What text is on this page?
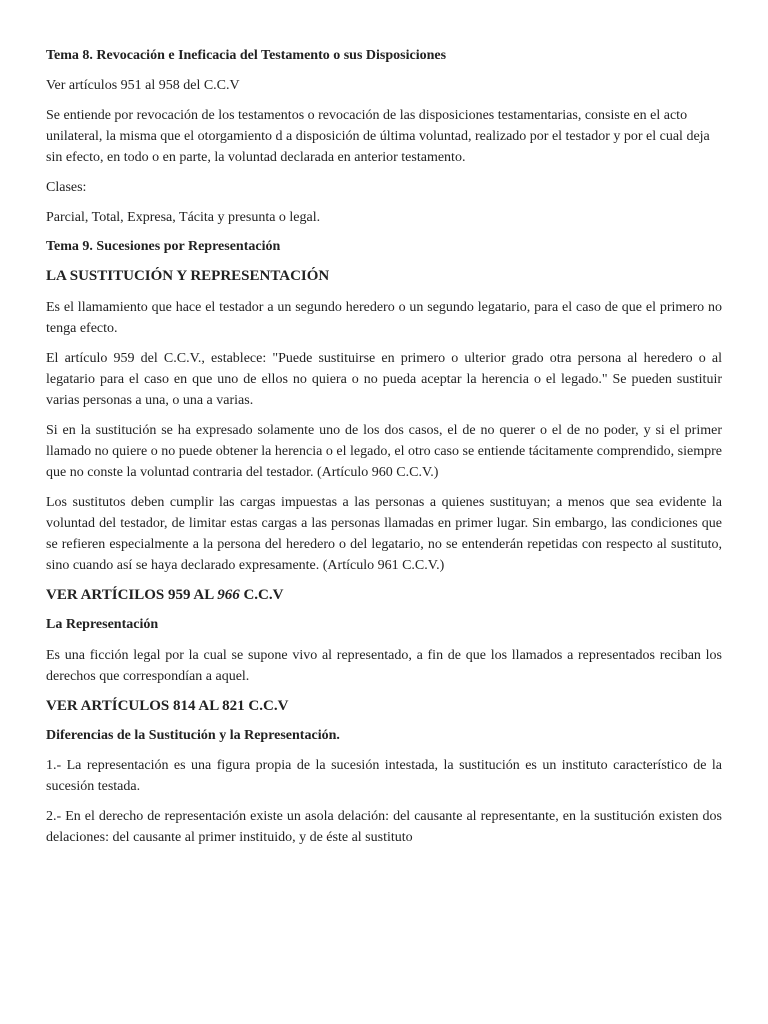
Tema 8. Revocación e Ineficacia del Testamento o sus Disposiciones

Ver artículos 951 al 958 del C.C.V

Se entiende por revocación de los testamentos o revocación de las disposiciones testamentarias, consiste en el acto unilateral, la misma que el otorgamiento d a disposición de última voluntad, realizado por el testador y por el cual deja sin efecto, en todo o en parte, la voluntad declarada en anterior testamento.

Clases:

Parcial, Total, Expresa, Tácita y presunta o legal.

Tema 9. Sucesiones por Representación

LA SUSTITUCIÓN Y REPRESENTACIÓN

Es el llamamiento que hace el testador a un segundo heredero o un segundo legatario, para el caso de que el primero no tenga efecto.

El artículo 959 del C.C.V., establece: "Puede sustituirse en primero o ulterior grado otra persona al heredero o al legatario para el caso en que uno de ellos no quiera o no pueda aceptar la herencia o el legado." Se pueden sustituir varias personas a una, o una a varias.

Si en la sustitución se ha expresado solamente uno de los dos casos, el de no querer o el de no poder, y si el primer llamado no quiere o no puede obtener la herencia o el legado, el otro caso se entiende tácitamente comprendido, siempre que no conste la voluntad contraria del testador. (Artículo 960 C.C.V.)

Los sustitutos deben cumplir las cargas impuestas a las personas a quienes sustituyan; a menos que sea evidente la voluntad del testador, de limitar estas cargas a las personas llamadas en primer lugar. Sin embargo, las condiciones que se refieren especialmente a la persona del heredero o del legatario, no se entenderán repetidas con respecto al sustituto, sino cuando así se haya declarado expresamente. (Artículo 961 C.C.V.)

VER ARTÍCILOS 959 AL 966 C.C.V

La Representación

Es una ficción legal por la cual se supone vivo al representado, a fin de que los llamados a representados reciban los derechos que correspondían a aquel.

VER ARTÍCULOS 814 AL 821 C.C.V

Diferencias de la Sustitución y la Representación.

1.- La representación es una figura propia de la sucesión intestada, la sustitución es un instituto característico de la sucesión testada.

2.- En el derecho de representación existe un asola delación: del causante al representante, en la sustitución existen dos delaciones: del causante al primer instituido, y de éste al sustituto
